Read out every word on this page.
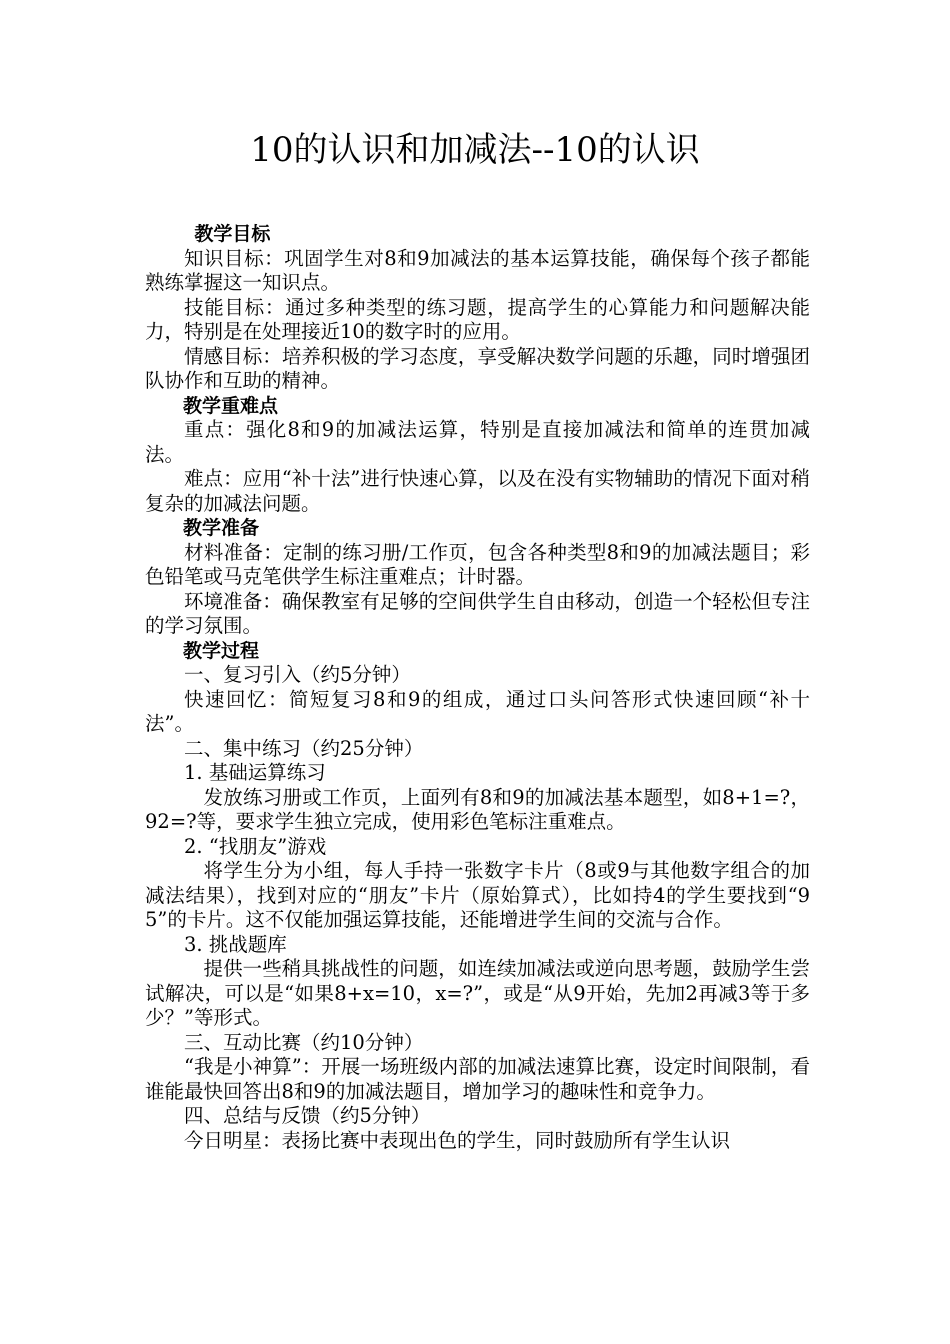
10的认识和加减法--10的认识

教学目标

知识目标：巩固学生对8和9加减法的基本运算技能，确保每个孩子都能熟练掌握这一知识点。

技能目标：通过多种类型的练习题，提高学生的心算能力和问题解决能力，特别是在处理接近10的数字时的应用。

情感目标：培养积极的学习态度，享受解决数学问题的乐趣，同时增强团队协作和互助的精神。

教学重难点

重点：强化8和9的加减法运算，特别是直接加减法和简单的连贯加减法。

难点：应用“补十法”进行快速心算，以及在没有实物辅助的情况下面对稍复杂的加减法问题。

教学准备

材料准备：定制的练习册/工作页，包含各种类型8和9的加减法题目；彩色铅笔或马克笔供学生标注重难点；计时器。

环境准备：确保教室有足够的空间供学生自由移动，创造一个轻松但专注的学习氛围。

教学过程

一、复习引入（约5分钟）

快速回忆：简短复习8和9的组成，通过口头问答形式快速回顾“补十法”。

二、集中练习（约25分钟）

1. 基础运算练习

发放练习册或工作页，上面列有8和9的加减法基本题型，如8+1=?，92=?等，要求学生独立完成，使用彩色笔标注重难点。

2. “找朋友”游戏

将学生分为小组，每人手持一张数字卡片（8或9与其他数字组合的加减法结果），找到对应的“朋友”卡片（原始算式），比如持4的学生要找到“95”的卡片。这不仅能加强运算技能，还能增进学生间的交流与合作。

3. 挑战题库

提供一些稍具挑战性的问题，如连续加减法或逆向思考题，鼓励学生尝试解决，可以是“如果8+x=10，x=?”，或是“从9开始，先加2再减3等于多少？”等形式。

三、互动比赛（约10分钟）

“我是小神算”：开展一场班级内部的加减法速算比赛，设定时间限制，看谁能最快回答出8和9的加减法题目，增加学习的趣味性和竞争力。

四、总结与反馈（约5分钟）

今日明星：表扬比赛中表现出色的学生，同时鼓励所有学生认识
